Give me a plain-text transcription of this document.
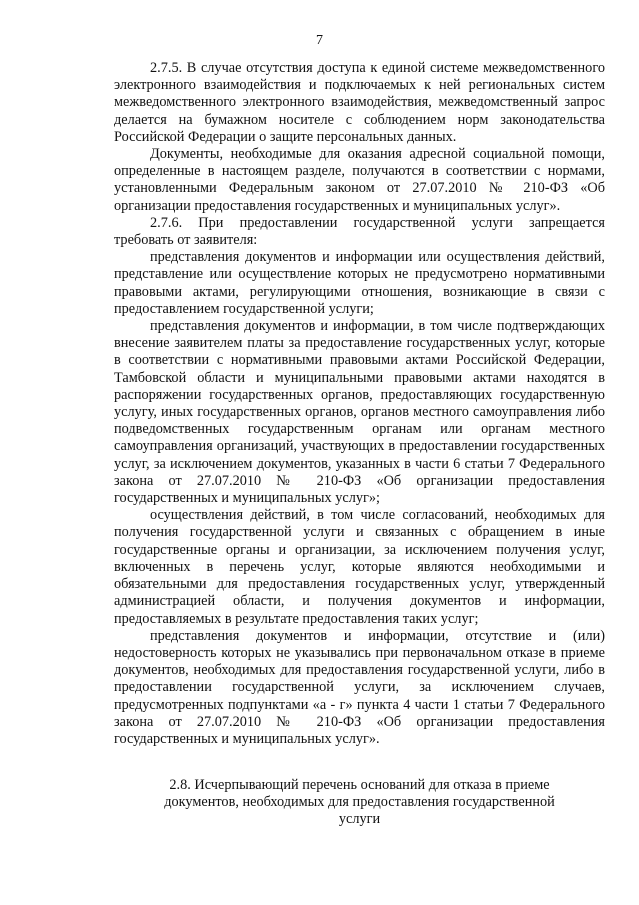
7

2.7.5. В случае отсутствия доступа к единой системе межведомственного электронного взаимодействия и подключаемых к ней региональных систем межведомственного электронного взаимодействия, межведомственный запрос делается на бумажном носителе с соблюдением норм законодательства Российской Федерации о защите персональных данных.

Документы, необходимые для оказания адресной социальной помощи, определенные в настоящем разделе, получаются в соответствии с нормами, установленными Федеральным законом от 27.07.2010 № 210-ФЗ «Об организации предоставления государственных и муниципальных услуг».

2.7.6. При предоставлении государственной услуги запрещается требовать от заявителя:

представления документов и информации или осуществления действий, представление или осуществление которых не предусмотрено нормативными правовыми актами, регулирующими отношения, возникающие в связи с предоставлением государственной услуги;

представления документов и информации, в том числе подтверждающих внесение заявителем платы за предоставление государственных услуг, которые в соответствии с нормативными правовыми актами Российской Федерации, Тамбовской области и муниципальными правовыми актами находятся в распоряжении государственных органов, предоставляющих государственную услугу, иных государственных органов, органов местного самоуправления либо подведомственных государственным органам или органам местного самоуправления организаций, участвующих в предоставлении государственных услуг, за исключением документов, указанных в части 6 статьи 7 Федерального закона от 27.07.2010 № 210-ФЗ «Об организации предоставления государственных и муниципальных услуг»;

осуществления действий, в том числе согласований, необходимых для получения государственной услуги и связанных с обращением в иные государственные органы и организации, за исключением получения услуг, включенных в перечень услуг, которые являются необходимыми и обязательными для предоставления государственных услуг, утвержденный администрацией области, и получения документов и информации, предоставляемых в результате предоставления таких услуг;

представления документов и информации, отсутствие и (или) недостоверность которых не указывались при первоначальном отказе в приеме документов, необходимых для предоставления государственной услуги, либо в предоставлении государственной услуги, за исключением случаев, предусмотренных подпунктами «а - г» пункта 4 части 1 статьи 7 Федерального закона от 27.07.2010 № 210-ФЗ «Об организации предоставления государственных и муниципальных услуг».

2.8. Исчерпывающий перечень оснований для отказа в приеме
документов, необходимых для предоставления государственной
услуги
